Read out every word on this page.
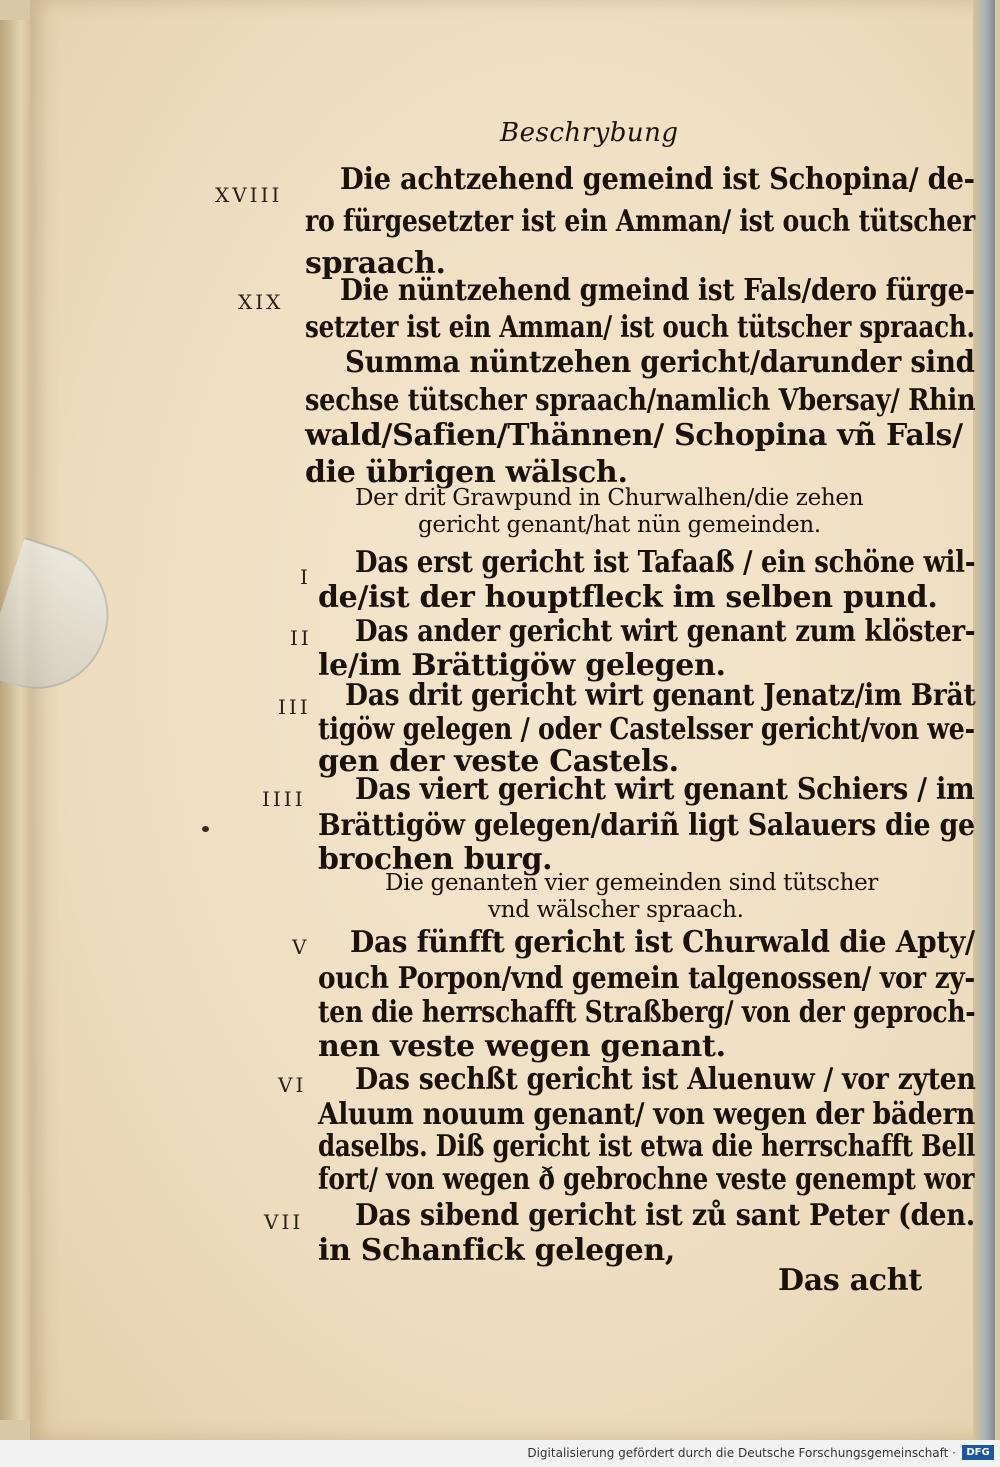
Beschrybung
XVIII
XIX
I
II
III
IIII
V
VI
VII
Die achtzehend gemeind ist Schopina/ de-
ro fürgesetzter ist ein Amman/ ist ouch tütscher
spraach.
Die nüntzehend gmeind ist Fals/dero fürge-
setzter ist ein Amman/ ist ouch tütscher spraach.
Summa nüntzehen gericht/darunder sind
sechse tütscher spraach/namlich Vbersay/ Rhin
wald/Safien/Thännen/ Schopina vñ Fals/
die übrigen wälsch.
Der drit Grawpund in Churwalhen/die zehen
gericht genant/hat nün gemeinden.
Das erst gericht ist Tafaaß / ein schöne wil-
de/ist der houptfleck im selben pund.
Das ander gericht wirt genant zum klöster-
le/im Brättigöw gelegen.
Das drit gericht wirt genant Jenatz/im Brät
tigöw gelegen / oder Castelsser gericht/von we-
gen der veste Castels.
Das viert gericht wirt genant Schiers / im
Brättigöw gelegen/dariñ ligt Salauers die ge
brochen burg.
Die genanten vier gemeinden sind tütscher
vnd wälscher spraach.
Das fünfft gericht ist Churwald die Apty/
ouch Porpon/vnd gemein talgenossen/ vor zy-
ten die herrschafft Straßberg/ von der geproch-
nen veste wegen genant.
Das sechßt gericht ist Aluenuw / vor zyten
Aluum nouum genant/ von wegen der bädern
daselbs. Diß gericht ist etwa die herrschafft Bell
fort/ von wegen ð gebrochne veste genempt wor
Das sibend gericht ist zů sant Peter (den.
in Schanfick gelegen,
Das acht
Digitalisierung gefördert durch die Deutsche Forschungsgemeinschaft ·	DFG
